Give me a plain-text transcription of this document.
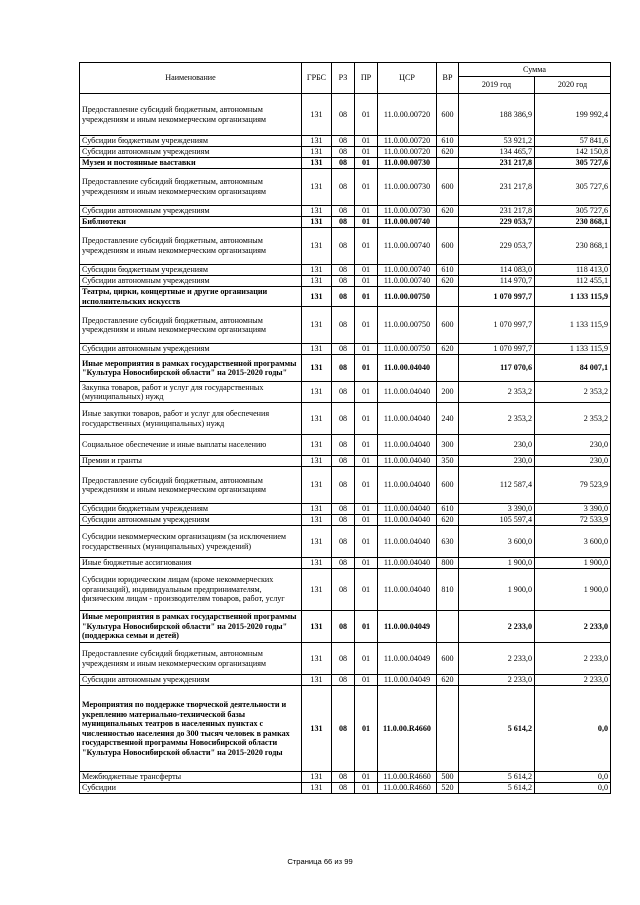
Наименование	ГРБС	РЗ	ПР	ЦСР	ВР	Сумма	
						2019 год	2020 год
Предоставление субсидий бюджетным, автономным учреждениям и иным некоммерческим организациям	131	08	01	11.0.00.00720	600	188 386,9	199 992,4
Субсидии бюджетным учреждениям	131	08	01	11.0.00.00720	610	53 921,2	57 841,6
Субсидии автономным учреждениям	131	08	01	11.0.00.00720	620	134 465,7	142 150,8
Музеи и постоянные выставки	131	08	01	11.0.00.00730		231 217,8	305 727,6
Предоставление субсидий бюджетным, автономным учреждениям и иным некоммерческим организациям	131	08	01	11.0.00.00730	600	231 217,8	305 727,6
Субсидии автономным учреждениям	131	08	01	11.0.00.00730	620	231 217,8	305 727,6
Библиотеки	131	08	01	11.0.00.00740		229 053,7	230 868,1
Предоставление субсидий бюджетным, автономным учреждениям и иным некоммерческим организациям	131	08	01	11.0.00.00740	600	229 053,7	230 868,1
Субсидии бюджетным учреждениям	131	08	01	11.0.00.00740	610	114 083,0	118 413,0
Субсидии автономным учреждениям	131	08	01	11.0.00.00740	620	114 970,7	112 455,1
Театры, цирки, концертные и другие организации исполнительских искусств	131	08	01	11.0.00.00750		1 070 997,7	1 133 115,9
Предоставление субсидий бюджетным, автономным учреждениям и иным некоммерческим организациям	131	08	01	11.0.00.00750	600	1 070 997,7	1 133 115,9
Субсидии автономным учреждениям	131	08	01	11.0.00.00750	620	1 070 997,7	1 133 115,9
Иные мероприятия в рамках государственной программы "Культура Новосибирской области" на 2015-2020 годы"	131	08	01	11.0.00.04040		117 070,6	84 007,1
Закупка товаров, работ и услуг для государственных (муниципальных) нужд	131	08	01	11.0.00.04040	200	2 353,2	2 353,2
Иные закупки товаров, работ и услуг для обеспечения государственных (муниципальных) нужд	131	08	01	11.0.00.04040	240	2 353,2	2 353,2
Социальное обеспечение и иные выплаты населению	131	08	01	11.0.00.04040	300	230,0	230,0
Премии и гранты	131	08	01	11.0.00.04040	350	230,0	230,0
Предоставление субсидий бюджетным, автономным учреждениям и иным некоммерческим организациям	131	08	01	11.0.00.04040	600	112 587,4	79 523,9
Субсидии бюджетным учреждениям	131	08	01	11.0.00.04040	610	3 390,0	3 390,0
Субсидии автономным учреждениям	131	08	01	11.0.00.04040	620	105 597,4	72 533,9
Субсидии некоммерческим организациям (за исключением государственных (муниципальных) учреждений)	131	08	01	11.0.00.04040	630	3 600,0	3 600,0
Иные бюджетные ассигнования	131	08	01	11.0.00.04040	800	1 900,0	1 900,0
Субсидии юридическим лицам (кроме некоммерческих организаций), индивидуальным предпринимателям, физическим лицам - производителям товаров, работ, услуг	131	08	01	11.0.00.04040	810	1 900,0	1 900,0
Иные мероприятия в рамках государственной программы "Культура Новосибирской области" на 2015-2020 годы"(поддержка семьи и детей)	131	08	01	11.0.00.04049		2 233,0	2 233,0
Предоставление субсидий бюджетным, автономным учреждениям и иным некоммерческим организациям	131	08	01	11.0.00.04049	600	2 233,0	2 233,0
Субсидии автономным учреждениям	131	08	01	11.0.00.04049	620	2 233,0	2 233,0
Мероприятия по поддержке творческой деятельности и укреплению материально-технической базы муниципальных театров в населенных пунктах с численностью населения до 300 тысяч человек в рамках государственной программы Новосибирской области "Культура Новосибирской области" на 2015-2020 годы	131	08	01	11.0.00.R4660		5 614,2	0,0
Межбюджетные трансферты	131	08	01	11.0.00.R4660	500	5 614,2	0,0
Субсидии	131	08	01	11.0.00.R4660	520	5 614,2	0,0
Страница 66 из 99
